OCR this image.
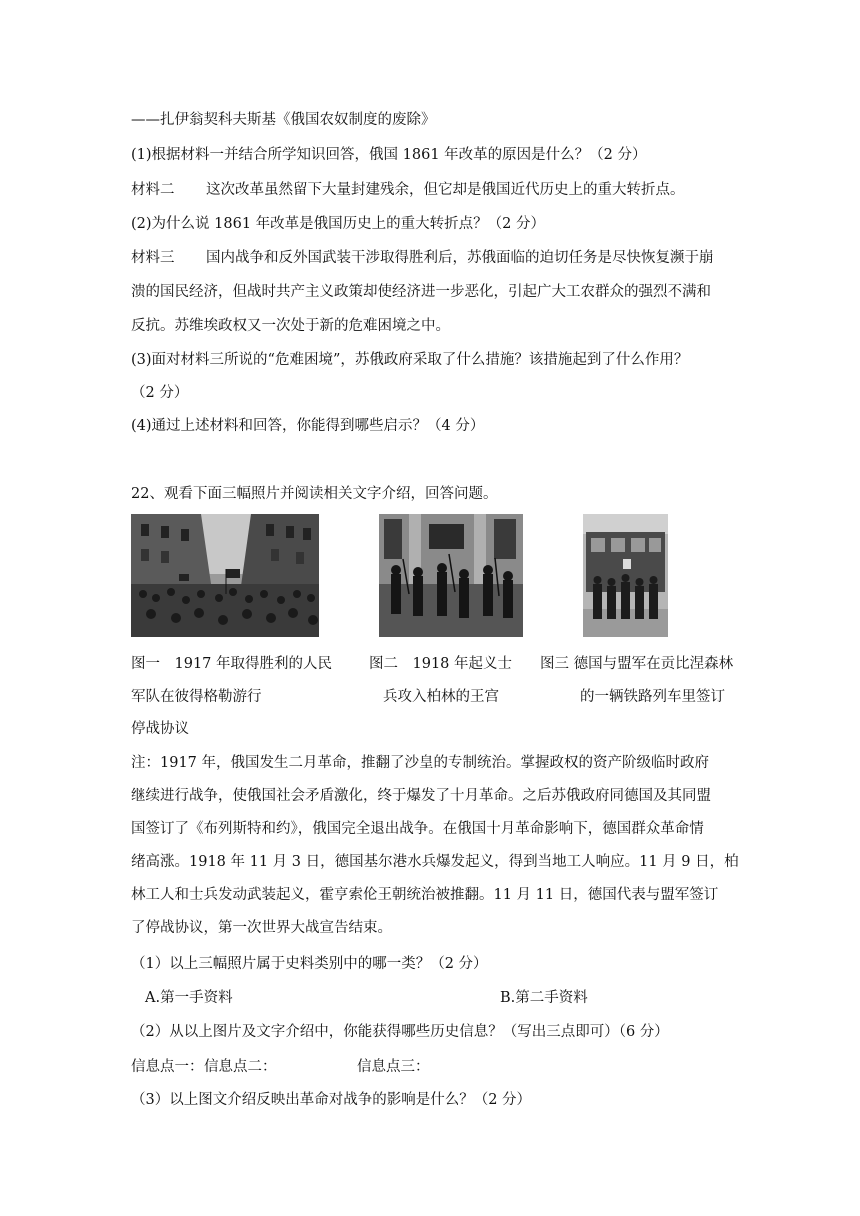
——扎伊翁契科夫斯基《俄国农奴制度的废除》
(1)根据材料一并结合所学知识回答，俄国 1861 年改革的原因是什么？（2 分）
材料二 这次改革虽然留下大量封建残余，但它却是俄国近代历史上的重大转折点。
(2)为什么说 1861 年改革是俄国历史上的重大转折点？（2 分）
材料三 国内战争和反外国武装干涉取得胜利后，苏俄面临的迫切任务是尽快恢复濒于崩
溃的国民经济，但战时共产主义政策却使经济进一步恶化，引起广大工农群众的强烈不满和
反抗。苏维埃政权又一次处于新的危难困境之中。
(3)面对材料三所说的“危难困境”，苏俄政府采取了什么措施？该措施起到了什么作用？
（2 分）
(4)通过上述材料和回答，你能得到哪些启示？（4 分）
22、观看下面三幅照片并阅读相关文字介绍，回答问题。
图一　1917 年取得胜利的人民	图二　1918 年起义士 图三 德国与盟军在贡比涅森林
军队在彼得格勒游行	兵攻入柏林的王宫	的一辆铁路列车里签订
停战协议
注：1917 年，俄国发生二月革命，推翻了沙皇的专制统治。掌握政权的资产阶级临时政府
继续进行战争，使俄国社会矛盾激化，终于爆发了十月革命。之后苏俄政府同德国及其同盟
国签订了《布列斯特和约》，俄国完全退出战争。在俄国十月革命影响下，德国群众革命情
绪高涨。1918 年 11 月 3 日，德国基尔港水兵爆发起义，得到当地工人响应。11 月 9 日，柏
林工人和士兵发动武装起义，霍亨索伦王朝统治被推翻。11 月 11 日，德国代表与盟军签订
了停战协议，第一次世界大战宣告结束。
（1）以上三幅照片属于史料类别中的哪一类？（2 分）
A.第一手资料	B.第二手资料
（2）从以上图片及文字介绍中，你能获得哪些历史信息？（写出三点即可）（6 分）
信息点一： 信息点二：	信息点三：
（3）以上图文介绍反映出革命对战争的影响是什么？（2 分）
